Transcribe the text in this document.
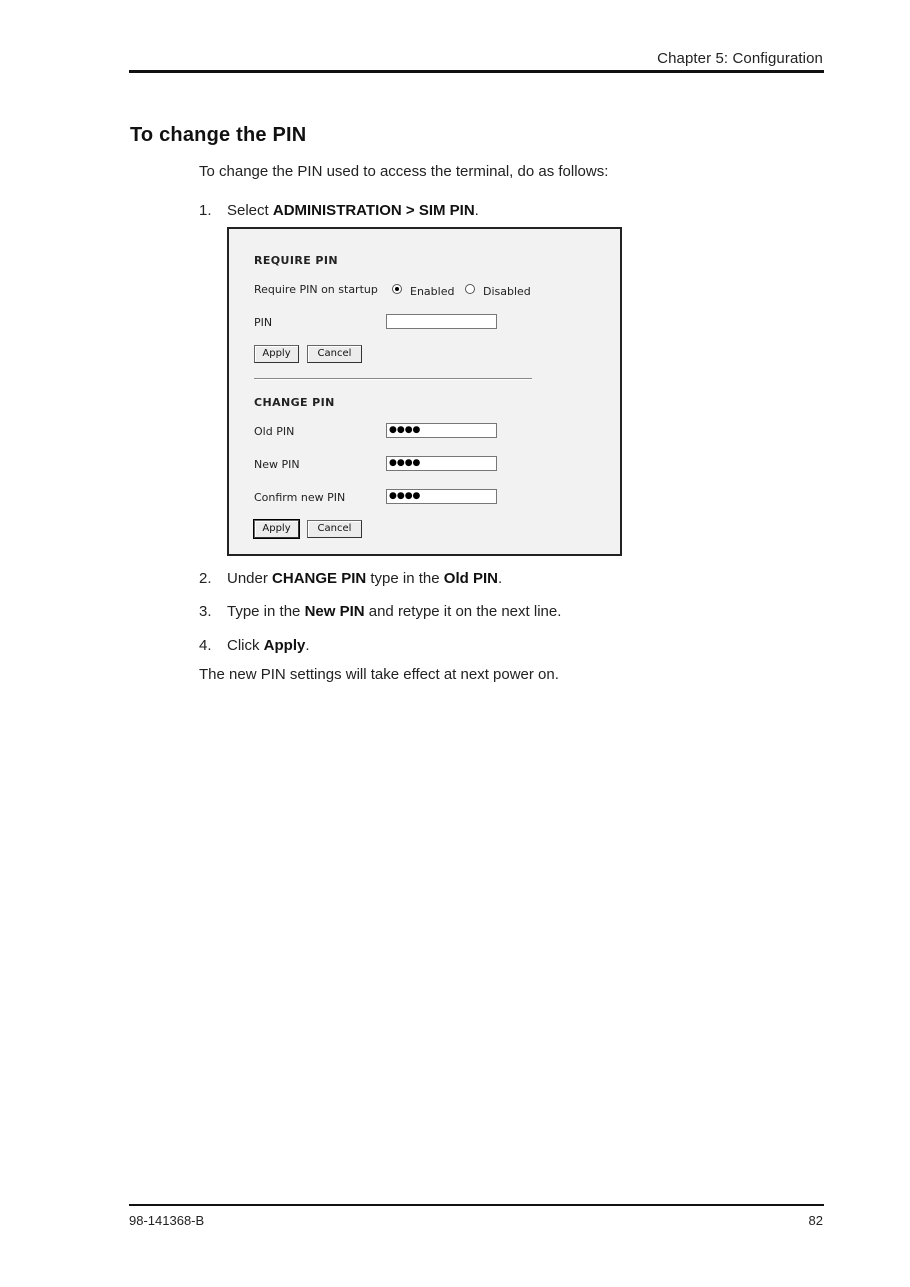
Chapter 5: Configuration
To change the PIN
To change the PIN used to access the terminal, do as follows:
1. Select ADMINISTRATION > SIM PIN.
REQUIRE PIN
Require PIN on startup	Enabled	Disabled
PIN
Apply	Cancel
CHANGE PIN
Old PIN	●●●●
New PIN	●●●●
Confirm new PIN	●●●●
Apply	Cancel
2. Under CHANGE PIN type in the Old PIN.
3. Type in the New PIN and retype it on the next line.
4. Click Apply.
The new PIN settings will take effect at next power on.
98-141368-B	82
